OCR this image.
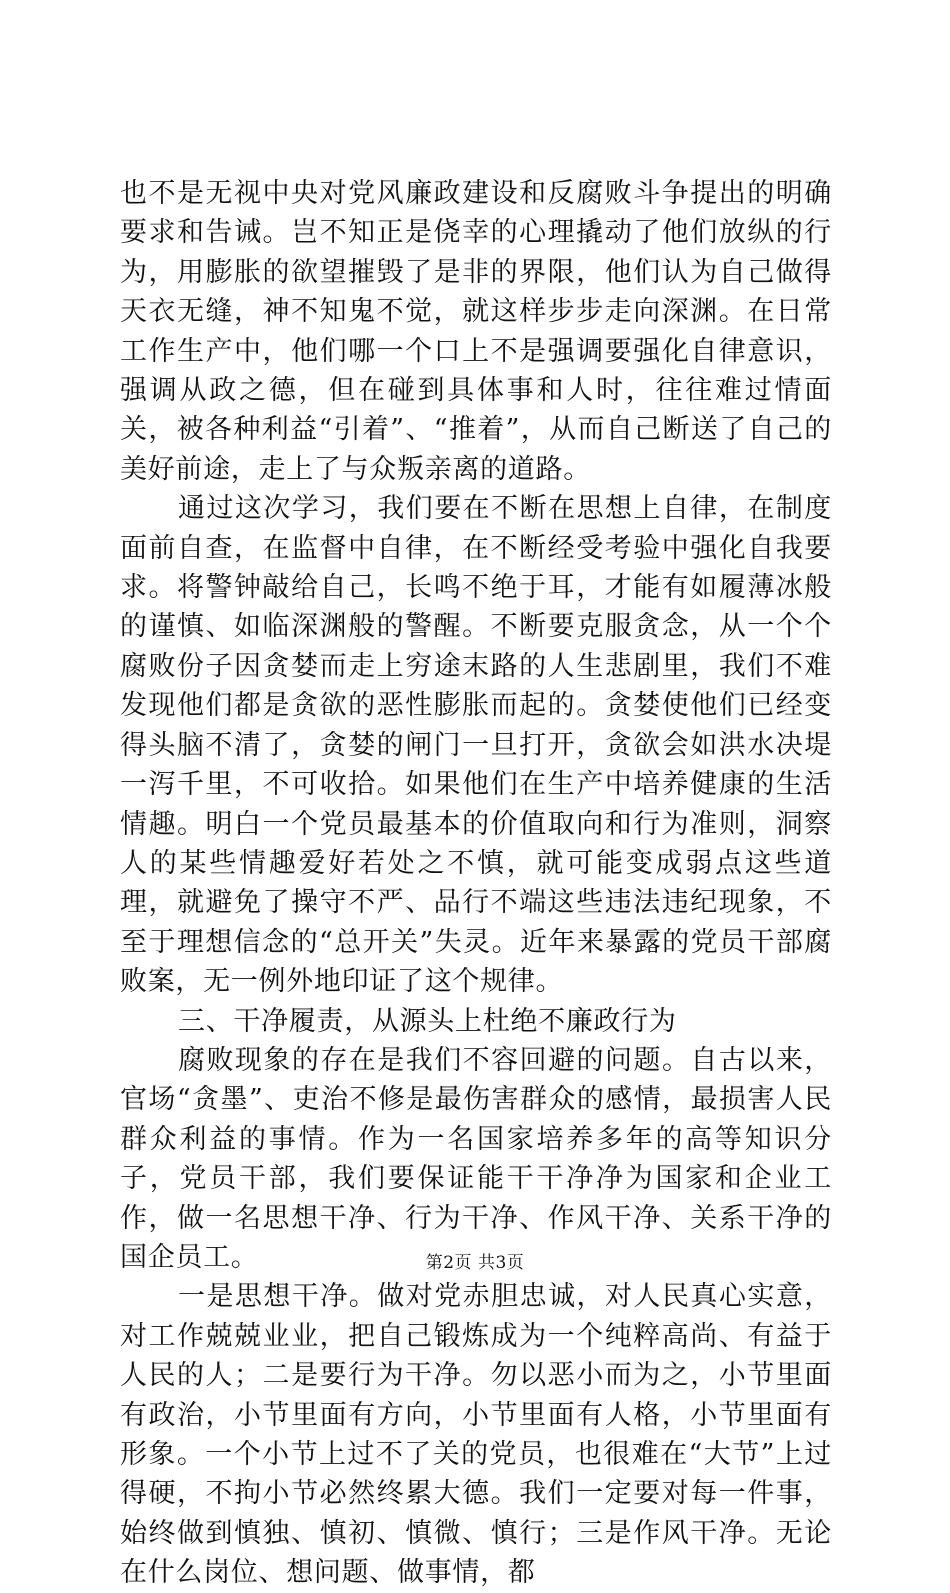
也不是无视中央对党风廉政建设和反腐败斗争提出的明确要求和告诫。岂不知正是侥幸的心理撬动了他们放纵的行为，用膨胀的欲望摧毁了是非的界限，他们认为自己做得天衣无缝，神不知鬼不觉，就这样步步走向深渊。在日常工作生产中，他们哪一个口上不是强调要强化自律意识，强调从政之德，但在碰到具体事和人时，往往难过情面关，被各种利益“引着”、“推着”，从而自己断送了自己的美好前途，走上了与众叛亲离的道路。

通过这次学习，我们要在不断在思想上自律，在制度面前自查，在监督中自律，在不断经受考验中强化自我要求。将警钟敲给自己，长鸣不绝于耳，才能有如履薄冰般的谨慎、如临深渊般的警醒。不断要克服贪念，从一个个腐败份子因贪婪而走上穷途末路的人生悲剧里，我们不难发现他们都是贪欲的恶性膨胀而起的。贪婪使他们已经变得头脑不清了，贪婪的闸门一旦打开，贪欲会如洪水决堤一泻千里，不可收拾。如果他们在生产中培养健康的生活情趣。明白一个党员最基本的价值取向和行为准则，洞察人的某些情趣爱好若处之不慎，就可能变成弱点这些道理，就避免了操守不严、品行不端这些违法违纪现象，不至于理想信念的“总开关”失灵。近年来暴露的党员干部腐败案，无一例外地印证了这个规律。

三、干净履责，从源头上杜绝不廉政行为

腐败现象的存在是我们不容回避的问题。自古以来，官场“贪墨”、吏治不修是最伤害群众的感情，最损害人民群众利益的事情。作为一名国家培养多年的高等知识分子，党员干部，我们要保证能干干净净为国家和企业工作，做一名思想干净、行为干净、作风干净、关系干净的国企员工。

一是思想干净。做对党赤胆忠诚，对人民真心实意，对工作兢兢业业，把自己锻炼成为一个纯粹高尚、有益于人民的人；二是要行为干净。勿以恶小而为之，小节里面有政治，小节里面有方向，小节里面有人格，小节里面有形象。一个小节上过不了关的党员，也很难在“大节”上过得硬，不拘小节必然终累大德。我们一定要对每一件事，始终做到慎独、慎初、慎微、慎行；三是作风干净。无论在什么岗位、想问题、做事情，都

第2页 共3页
